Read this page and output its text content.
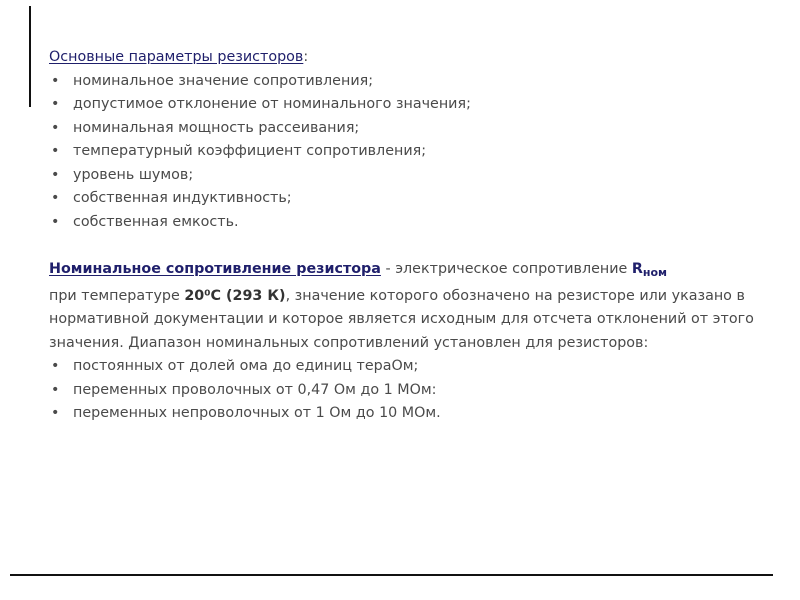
Основные параметры резисторов:
• номинальное значение сопротивления;
• допустимое отклонение от номинального значения;
• номинальная мощность рассеивания;
• температурный коэффициент сопротивления;
• уровень шумов;
• собственная индуктивность;
• собственная емкость.

Номинальное сопротивление резистора - электрическое сопротивление $R_{ном}$
при температуре 20⁰C (293 К), значение которого обозначено на резисторе или указано в нормативной документации и которое является исходным для отсчета отклонений от этого значения. Диапазон номинальных сопротивлений установлен для резисторов:

• постоянных от долей ома до единиц тераОм;
• переменных проволочных от 0,47 Ом до 1 МОм:
• переменных непроволочных от 1 Ом до 10 МОм.
